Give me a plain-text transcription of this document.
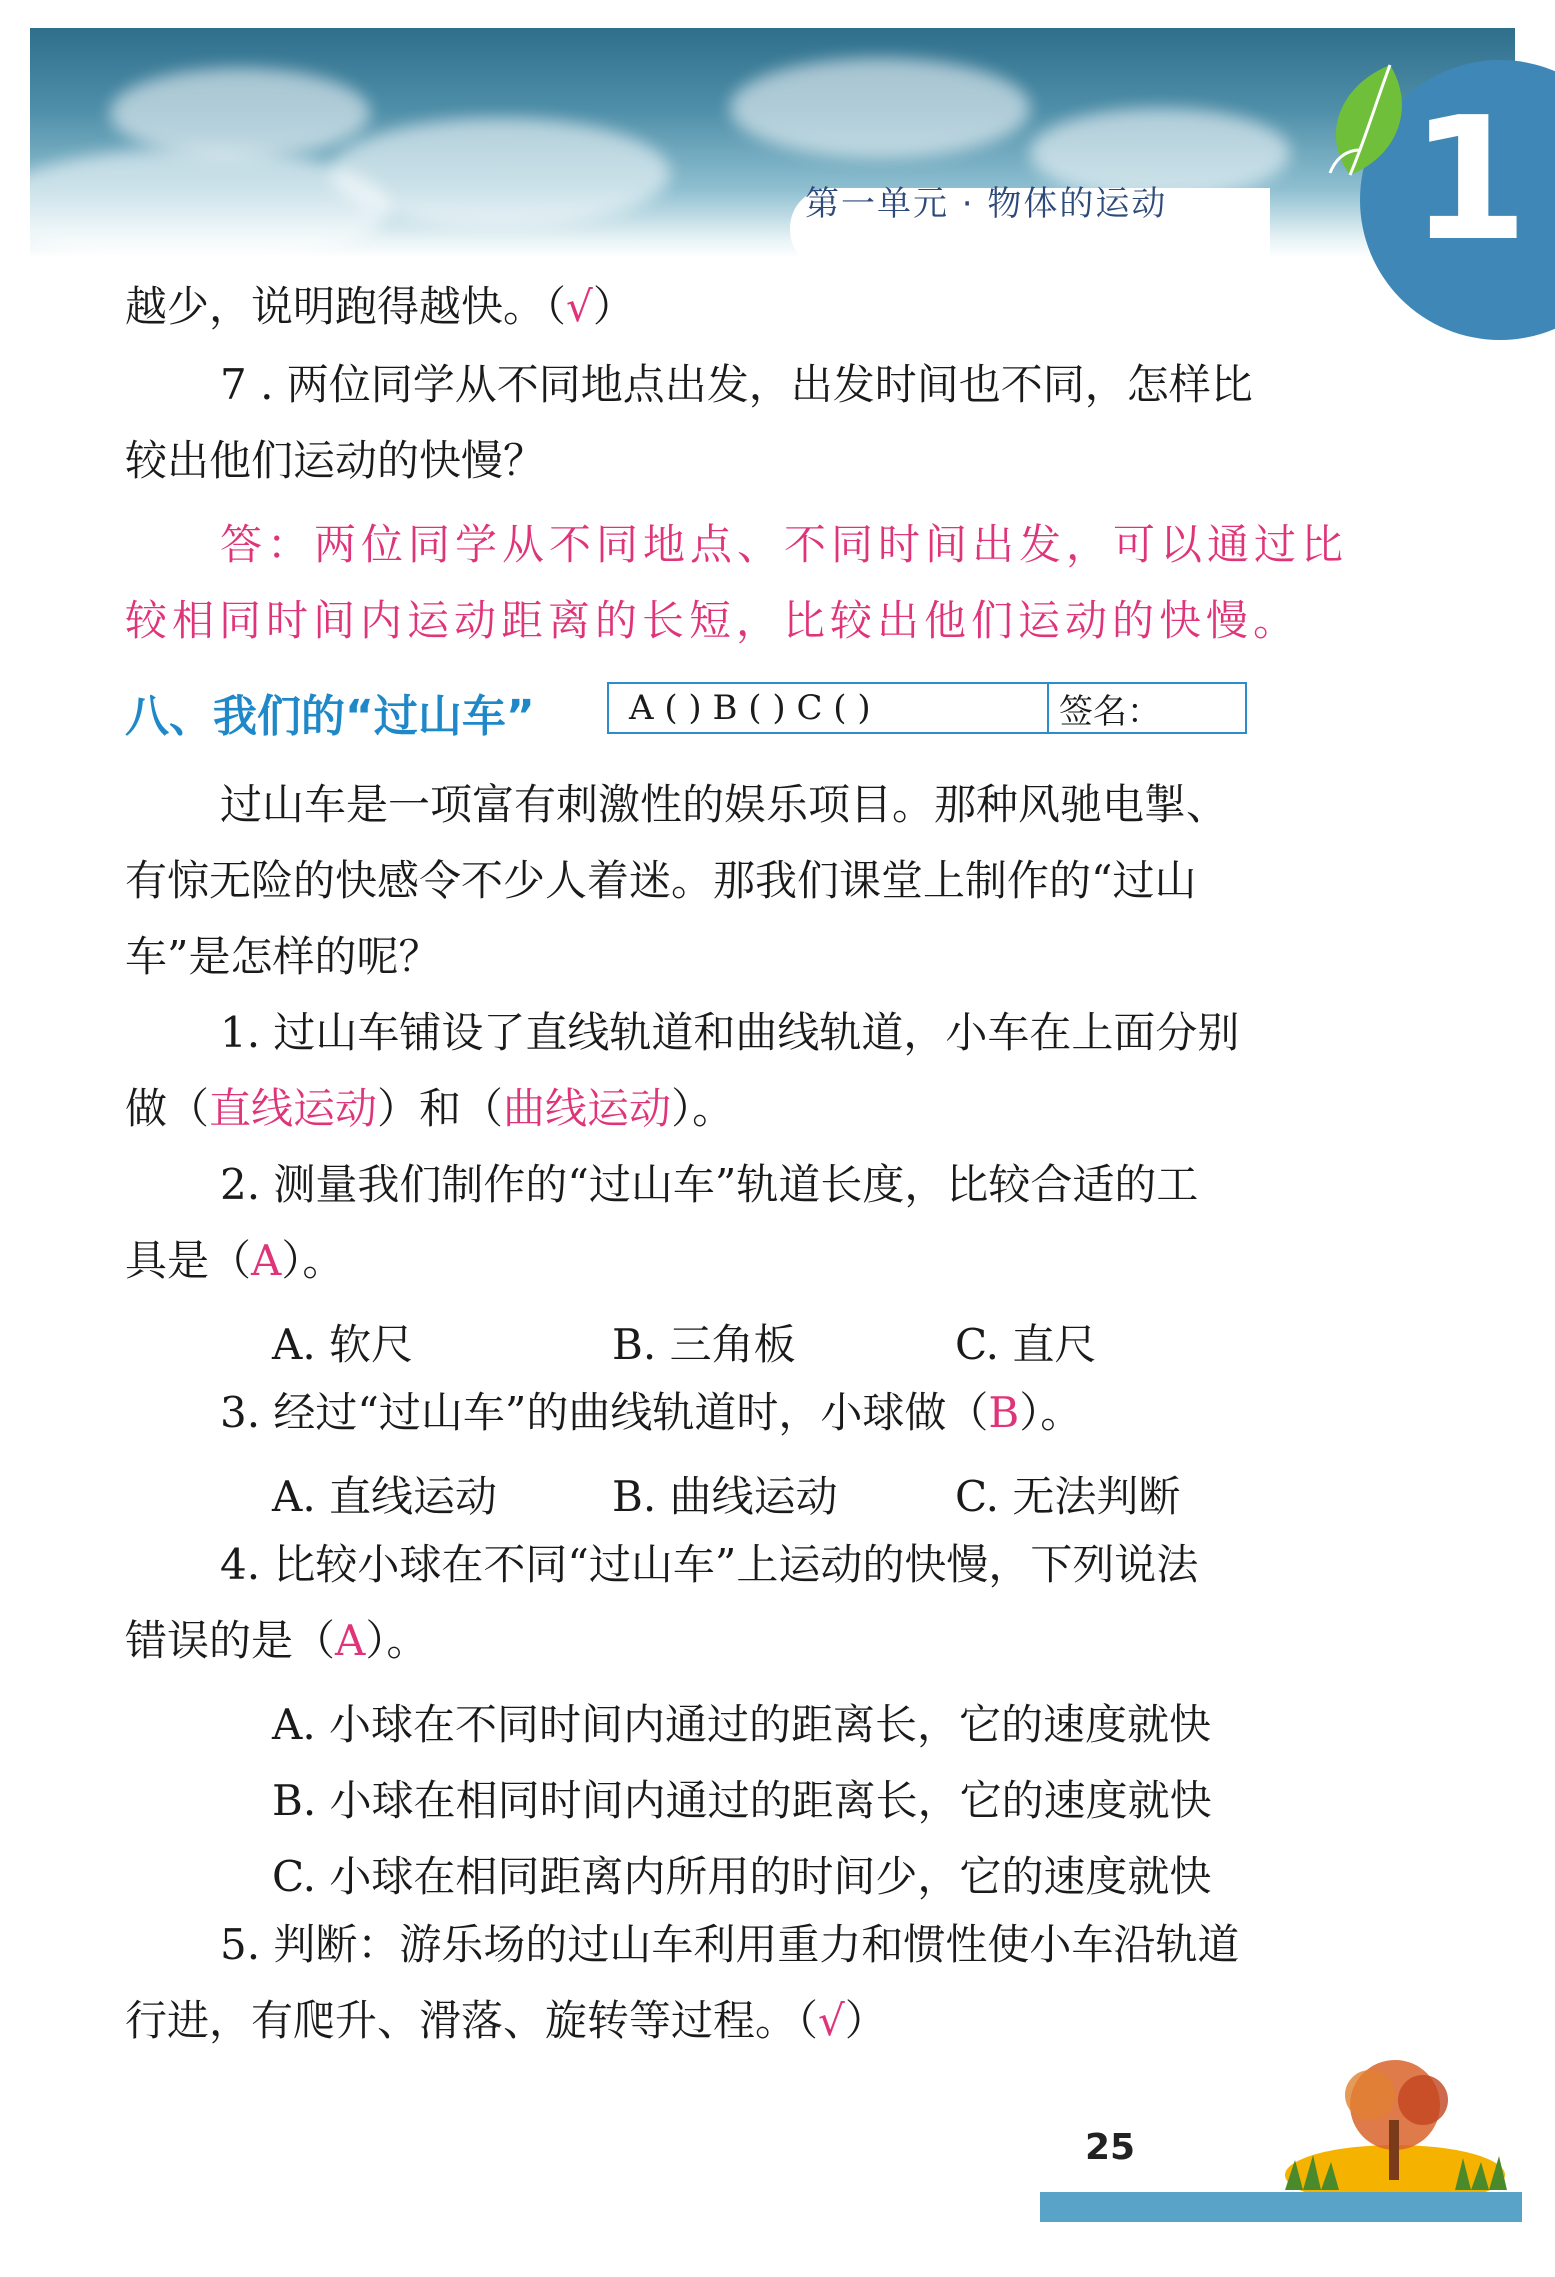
第一单元 · 物体的运动 1
越少，说明跑得越快。（√）
7 . 两位同学从不同地点出发，出发时间也不同，怎样比
较出他们运动的快慢？
答：两位同学从不同地点、不同时间出发，可以通过比
较相同时间内运动距离的长短，比较出他们运动的快慢。
八、我们的“过山车”	A ( ) B ( ) C ( )	签名：
过山车是一项富有刺激性的娱乐项目。那种风驰电掣、
有惊无险的快感令不少人着迷。那我们课堂上制作的“过山
车”是怎样的呢？
1. 过山车铺设了直线轨道和曲线轨道，小车在上面分别
做（直线运动）和（曲线运动）。
2. 测量我们制作的“过山车”轨道长度，比较合适的工
具是（A）。
A. 软尺	B. 三角板	C. 直尺
3. 经过“过山车”的曲线轨道时，小球做（B）。
A. 直线运动	B. 曲线运动	C. 无法判断
4. 比较小球在不同“过山车”上运动的快慢，下列说法
错误的是（A）。
A. 小球在不同时间内通过的距离长，它的速度就快
B. 小球在相同时间内通过的距离长，它的速度就快
C. 小球在相同距离内所用的时间少，它的速度就快
5. 判断：游乐场的过山车利用重力和惯性使小车沿轨道
行进，有爬升、滑落、旋转等过程。（√）
25
